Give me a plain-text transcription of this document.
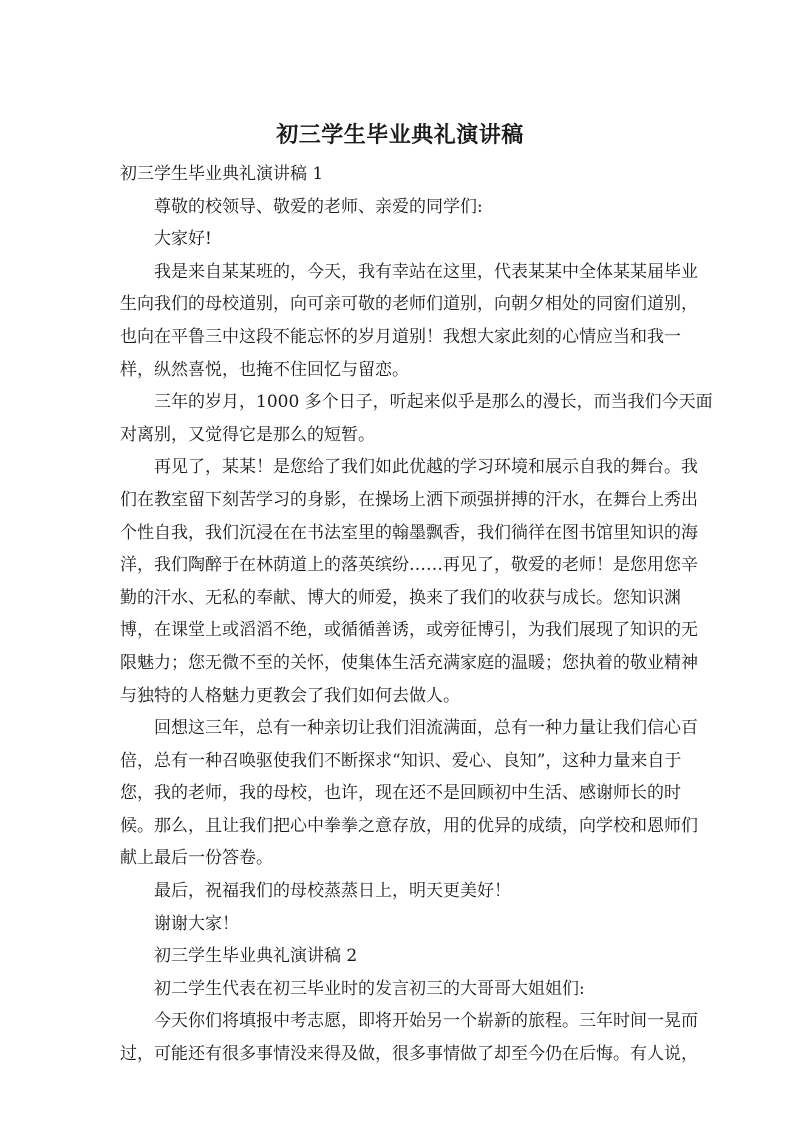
初三学生毕业典礼演讲稿
初三学生毕业典礼演讲稿 1
尊敬的校领导、敬爱的老师、亲爱的同学们:
大家好!
我是来自某某班的，今天，我有幸站在这里，代表某某中全体某某届毕业
生向我们的母校道别，向可亲可敬的老师们道别，向朝夕相处的同窗们道别，
也向在平鲁三中这段不能忘怀的岁月道别！我想大家此刻的心情应当和我一
样，纵然喜悦，也掩不住回忆与留恋。
三年的岁月，1000 多个日子，听起来似乎是那么的漫长，而当我们今天面
对离别，又觉得它是那么的短暂。
再见了，某某！是您给了我们如此优越的学习环境和展示自我的舞台。我
们在教室留下刻苦学习的身影，在操场上洒下顽强拼搏的汗水，在舞台上秀出
个性自我，我们沉浸在在书法室里的翰墨飘香，我们徜徉在图书馆里知识的海
洋，我们陶醉于在林荫道上的落英缤纷……再见了，敬爱的老师！是您用您辛
勤的汗水、无私的奉献、博大的师爱，换来了我们的收获与成长。您知识渊
博，在课堂上或滔滔不绝，或循循善诱，或旁征博引，为我们展现了知识的无
限魅力；您无微不至的关怀，使集体生活充满家庭的温暖；您执着的敬业精神
与独特的人格魅力更教会了我们如何去做人。
回想这三年，总有一种亲切让我们泪流满面，总有一种力量让我们信心百
倍，总有一种召唤驱使我们不断探求“知识、爱心、良知”，这种力量来自于
您，我的老师，我的母校，也许，现在还不是回顾初中生活、感谢师长的时
候。那么，且让我们把心中拳拳之意存放，用的优异的成绩，向学校和恩师们
献上最后一份答卷。
最后，祝福我们的母校蒸蒸日上，明天更美好！
谢谢大家！
初三学生毕业典礼演讲稿 2
初二学生代表在初三毕业时的发言初三的大哥哥大姐姐们:
今天你们将填报中考志愿，即将开始另一个崭新的旅程。三年时间一晃而
过，可能还有很多事情没来得及做，很多事情做了却至今仍在后悔。有人说，
